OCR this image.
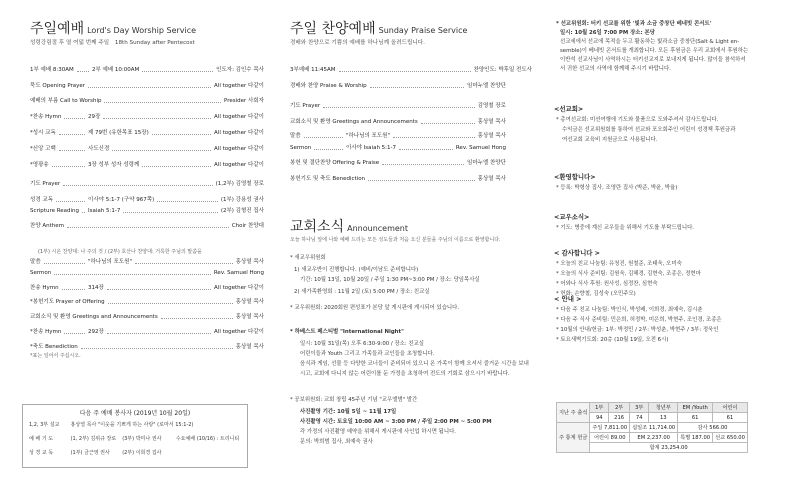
주일예배 Lord's Day Worship Service
성령강림절 후 열 여덟 번째 주일 18th Sunday after Pentecost
1부 예배 8:30AM	2부 예배 10:00AM	인도자: 김인수 목사
묵도 Opening Prayer	All together 다같이
예배의 부름 Call to Worship	Presider 사회자
*찬송 Hymn	29장	All together 다같이
*성시 교독	제 79번 (유한목표 15장)	All together 다같이
*신앙 고백	사도신경	All together 다같이
*영광송	3장 성부 성자 성령께	All together 다같이
기도 Prayer	(1,2부) 김영철 장로
성경 교독	이사야 5:1-7 (구약 967쪽)	(1부) 강용성 권사
Scripture Reading Isaiah 5:1-7	(2부) 김형진 집사
찬양 Anthem	Choir 찬양대
말씀	"하나님의 포도원"	홍상열 목사
Sermon	Rev. Samuel Hong
찬송 Hymn	314장	All together 다같이
*봉헌기도 Prayer of Offering	홍상열 목사
교회소식 및 환영 Greetings and Announcements	홍상열 목사
*찬송 Hymn	292장	All together 다같이
*축도 Benediction	홍상열 목사
(1부) 시온 찬양대: 나 주의 것 / (2부) 호산나 찬양대: 거룩한 주님의 말씀을
*표는 일어서 주십시오.
다음 주 예배 봉사자 (2019년 10월 20일)
1,2, 3부 설교 홍상열 목사 "이웃을 기쁘게 하는 사랑" (로마서 15:1-2)
예 배 기 도	(1, 2부) 김위규 장로 (3부) 박미나 권사	수요예배 (10/16) : 트리니티
성 경 교 독	(1부) 금근영 권사 (2부) 이희경 집사
주일 찬양예배 Sunday Praise Service
경배와 찬양으로 기쁨의 예배를 하나님께 올려드립니다.
3부예배 11:45AM	찬양인도: 박후일 전도사
경배와 찬양 Praise & Worship	임마누엘 찬양단
기도 Prayer	김영철 장로
교회소식 및 환영 Greetings and Announcements	홍상열 목사
말씀	"하나님의 포도원"	홍상열 목사
Sermon	이사야 Isaiah 5:1-7	Rev. Samuel Hong
봉헌 및 결단찬양 Offering & Praise	임마누엘 찬양단
봉헌기도 및 축도 Benediction	홍상열 목사
교회소식 Announcement
오늘 하나님 앞에 나와 예배 드리는 모든 성도들과 처음 오신 분들을 주님의 이름으로 환영합니다.
* 새교우위원회
1) 새교우반이 진행합니다. (예비/이남도 준비합니다)
기간: 10월 13일, 10월 20일 / 주일 1:30 PM~3:00 PM / 장소: 당임목사실
2) 새가족환영회 : 11월 2일 (토) 5:00 PM / 장소: 친교실
* 교우위원회: 2020회원 편성표가 본당 앞 게시판에 게시되어 있습니다.
* 하베스트 페스티벌 "International Night"
일시: 10월 31일(목) 오후 6:30-9:00 / 장소: 친교실
어린이들과 Youth 그리고 가족들과 교인들을 초청합니다.
음식과 게임, 선물 등 다양한 코너들이 준비되어 있으니 온 가족이 함께 오셔서 즐거운 시간을 보내
시고, 교회에 다니지 않는 어린이를 둔 가정을 초청하여 전도의 기회로 삼으시기 바랍니다.
* 공보위원회: 교회 창립 45주년 기념 "교우앨범" 발간
사진촬영 기간: 10월 5일 ~ 11월 17일
사진촬영 시간: 토요일 10:00 AM ~ 3:00 PM / 주일 2:00 PM ~ 5:00 PM
각 가정의 사진촬영 예약을 위해서 게시판에 사인업 하시면 됩니다.
문의: 박희범 집사, 최예숙 권사
* 선교위원회: 터키 선교를 위한 '빛과 소금 중창단 베네빗 콘서트'
일시: 10월 26일 7:00 PM 장소: 본당
선교세에서 선교에 목적을 두고 활동하는 빛과소금 중창단(Salt & Light en-
semble)이 베네빗 콘서트를 개최합니다. 모든 후원금은 우리 교회에서 후원하는
이반석 선교사님이 사역하시는 터키선교지로 보내지게 됩니다. 많이들 참석하셔
서 귀한 선교의 사역에 함께해 주시기 바랍니다.
<선교회>
* 총여선교회: 미션여행에 기도와 물품으로 도와주셔서 감사드립니다.
수익금은 선교위원회를 통하여 선교와 포오회주인 어린이 성경책 후원금과
여선교회 교육비 지원금으로 사용됩니다.
<환영합니다>
* 등록: 박형상 집사, 조영란 집사 (박준, 박윤, 박율)
<교우소식>
* 기도: 병중에 계신 교우들을 위해서 기도를 부탁드립니다.
< 감사합니다 >
* 오늘의 친교 나눔팀: 유청진, 원철준, 조태욱, 오미숙
* 오늘의 식사 준비팀: 김원욱, 김혜경, 김현숙, 조종은, 정현마
* 어와나 식사 후원: 원사성, 심정찬, 심현숙
* 헌화: 손향철, 김성숙 (오민주모)
< 안내 >
* 다음 주 친교 나눔팀: 박인식, 박성배, 이희경, 최예숙, 김시춘
* 다음 주 식사 준비팀: 민은희, 허정박, 미은희, 박현주, 조인경, 조종은
* 10월의 안내/헌금: 1부: 박정민 / 2부: 박성춘, 박현주 / 3부: 정욱인
* 토요새벽기도회: 20층 (10월 19일, 오전 6시)
지난 주 출석	1부	2부	3부	청년부	EM /Youth	어린이
	94	216	74	13	61	61
주 통계 헌금	주일 7,811.00		십일조 11,714.00		감사 566.00	
	어린이 89.00		EM 2,237.00		특별 187.00	선교 650.00
	합계 23,254.00					
